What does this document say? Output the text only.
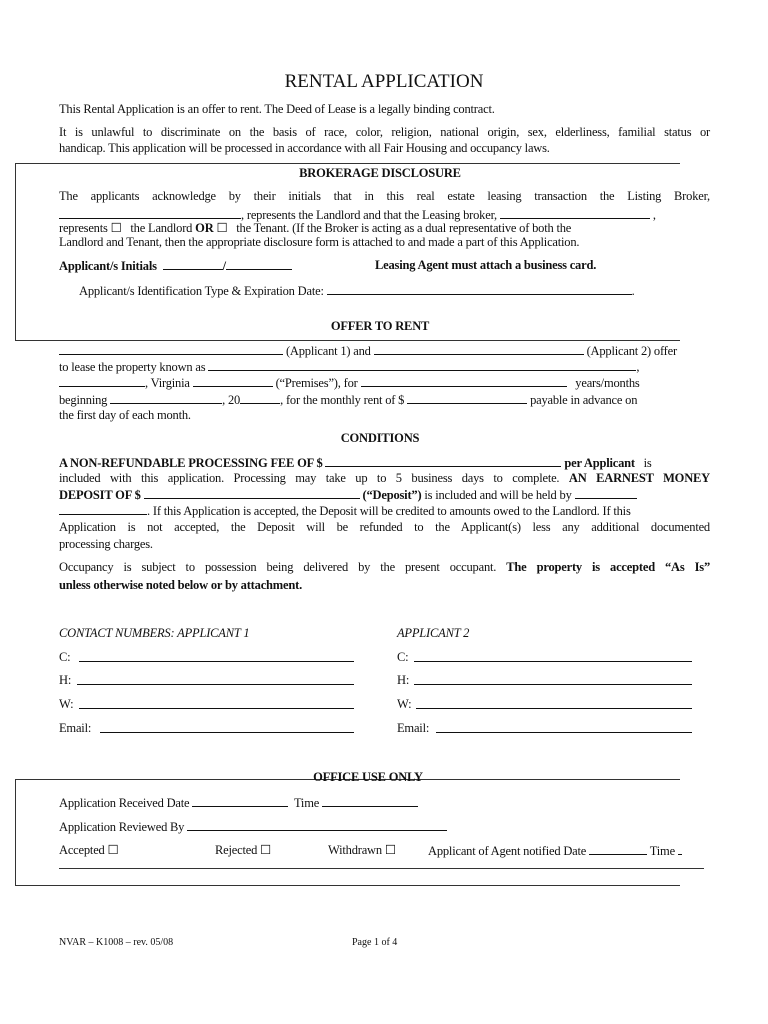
RENTAL APPLICATION
This Rental Application is an offer to rent. The Deed of Lease is a legally binding contract.
It is unlawful to discriminate on the basis of race, color, religion, national origin, sex, elderliness, familial status or
handicap. This application will be processed in accordance with all Fair Housing and occupancy laws.
BROKERAGE DISCLOSURE
The applicants acknowledge by their initials that in this real estate leasing transaction the Listing Broker,
, represents the Landlord and that the Leasing broker,	,
represents ☐ the Landlord OR ☐ the Tenant. (If the Broker is acting as a dual representative of both the
Landlord and Tenant, then the appropriate disclosure form is attached to and made a part of this Application.
Applicant/s Initials	/	Leasing Agent must attach a business card.
Applicant/s Identification Type & Expiration Date:	.
OFFER TO RENT
(Applicant 1) and	(Applicant 2) offer
to lease the property known as	,
, Virginia	(“Premises”), for	years/months
beginning	, 20	, for the monthly rent of $	payable in advance on
the first day of each month.
CONDITIONS
A NON-REFUNDABLE PROCESSING FEE OF $	per Applicant is
included with this application. Processing may take up to 5 business days to complete. AN EARNEST MONEY
DEPOSIT OF $	(“Deposit”) is included and will be held by
. If this Application is accepted, the Deposit will be credited to amounts owed to the Landlord. If this
Application is not accepted, the Deposit will be refunded to the Applicant(s) less any additional documented
processing charges.
Occupancy is subject to possession being delivered by the present occupant. The property is accepted “As Is”
unless otherwise noted below or by attachment.
CONTACT NUMBERS: APPLICANT 1	APPLICANT 2
C:
H:
W:
Email:
C:
H:
W:
Email:
OFFICE USE ONLY
Application Received Date	Time
Application Reviewed By
Accepted ☐	Rejected ☐	Withdrawn ☐	Applicant of Agent notified Date	Time
NVAR – K1008 – rev. 05/08	Page 1 of 4
